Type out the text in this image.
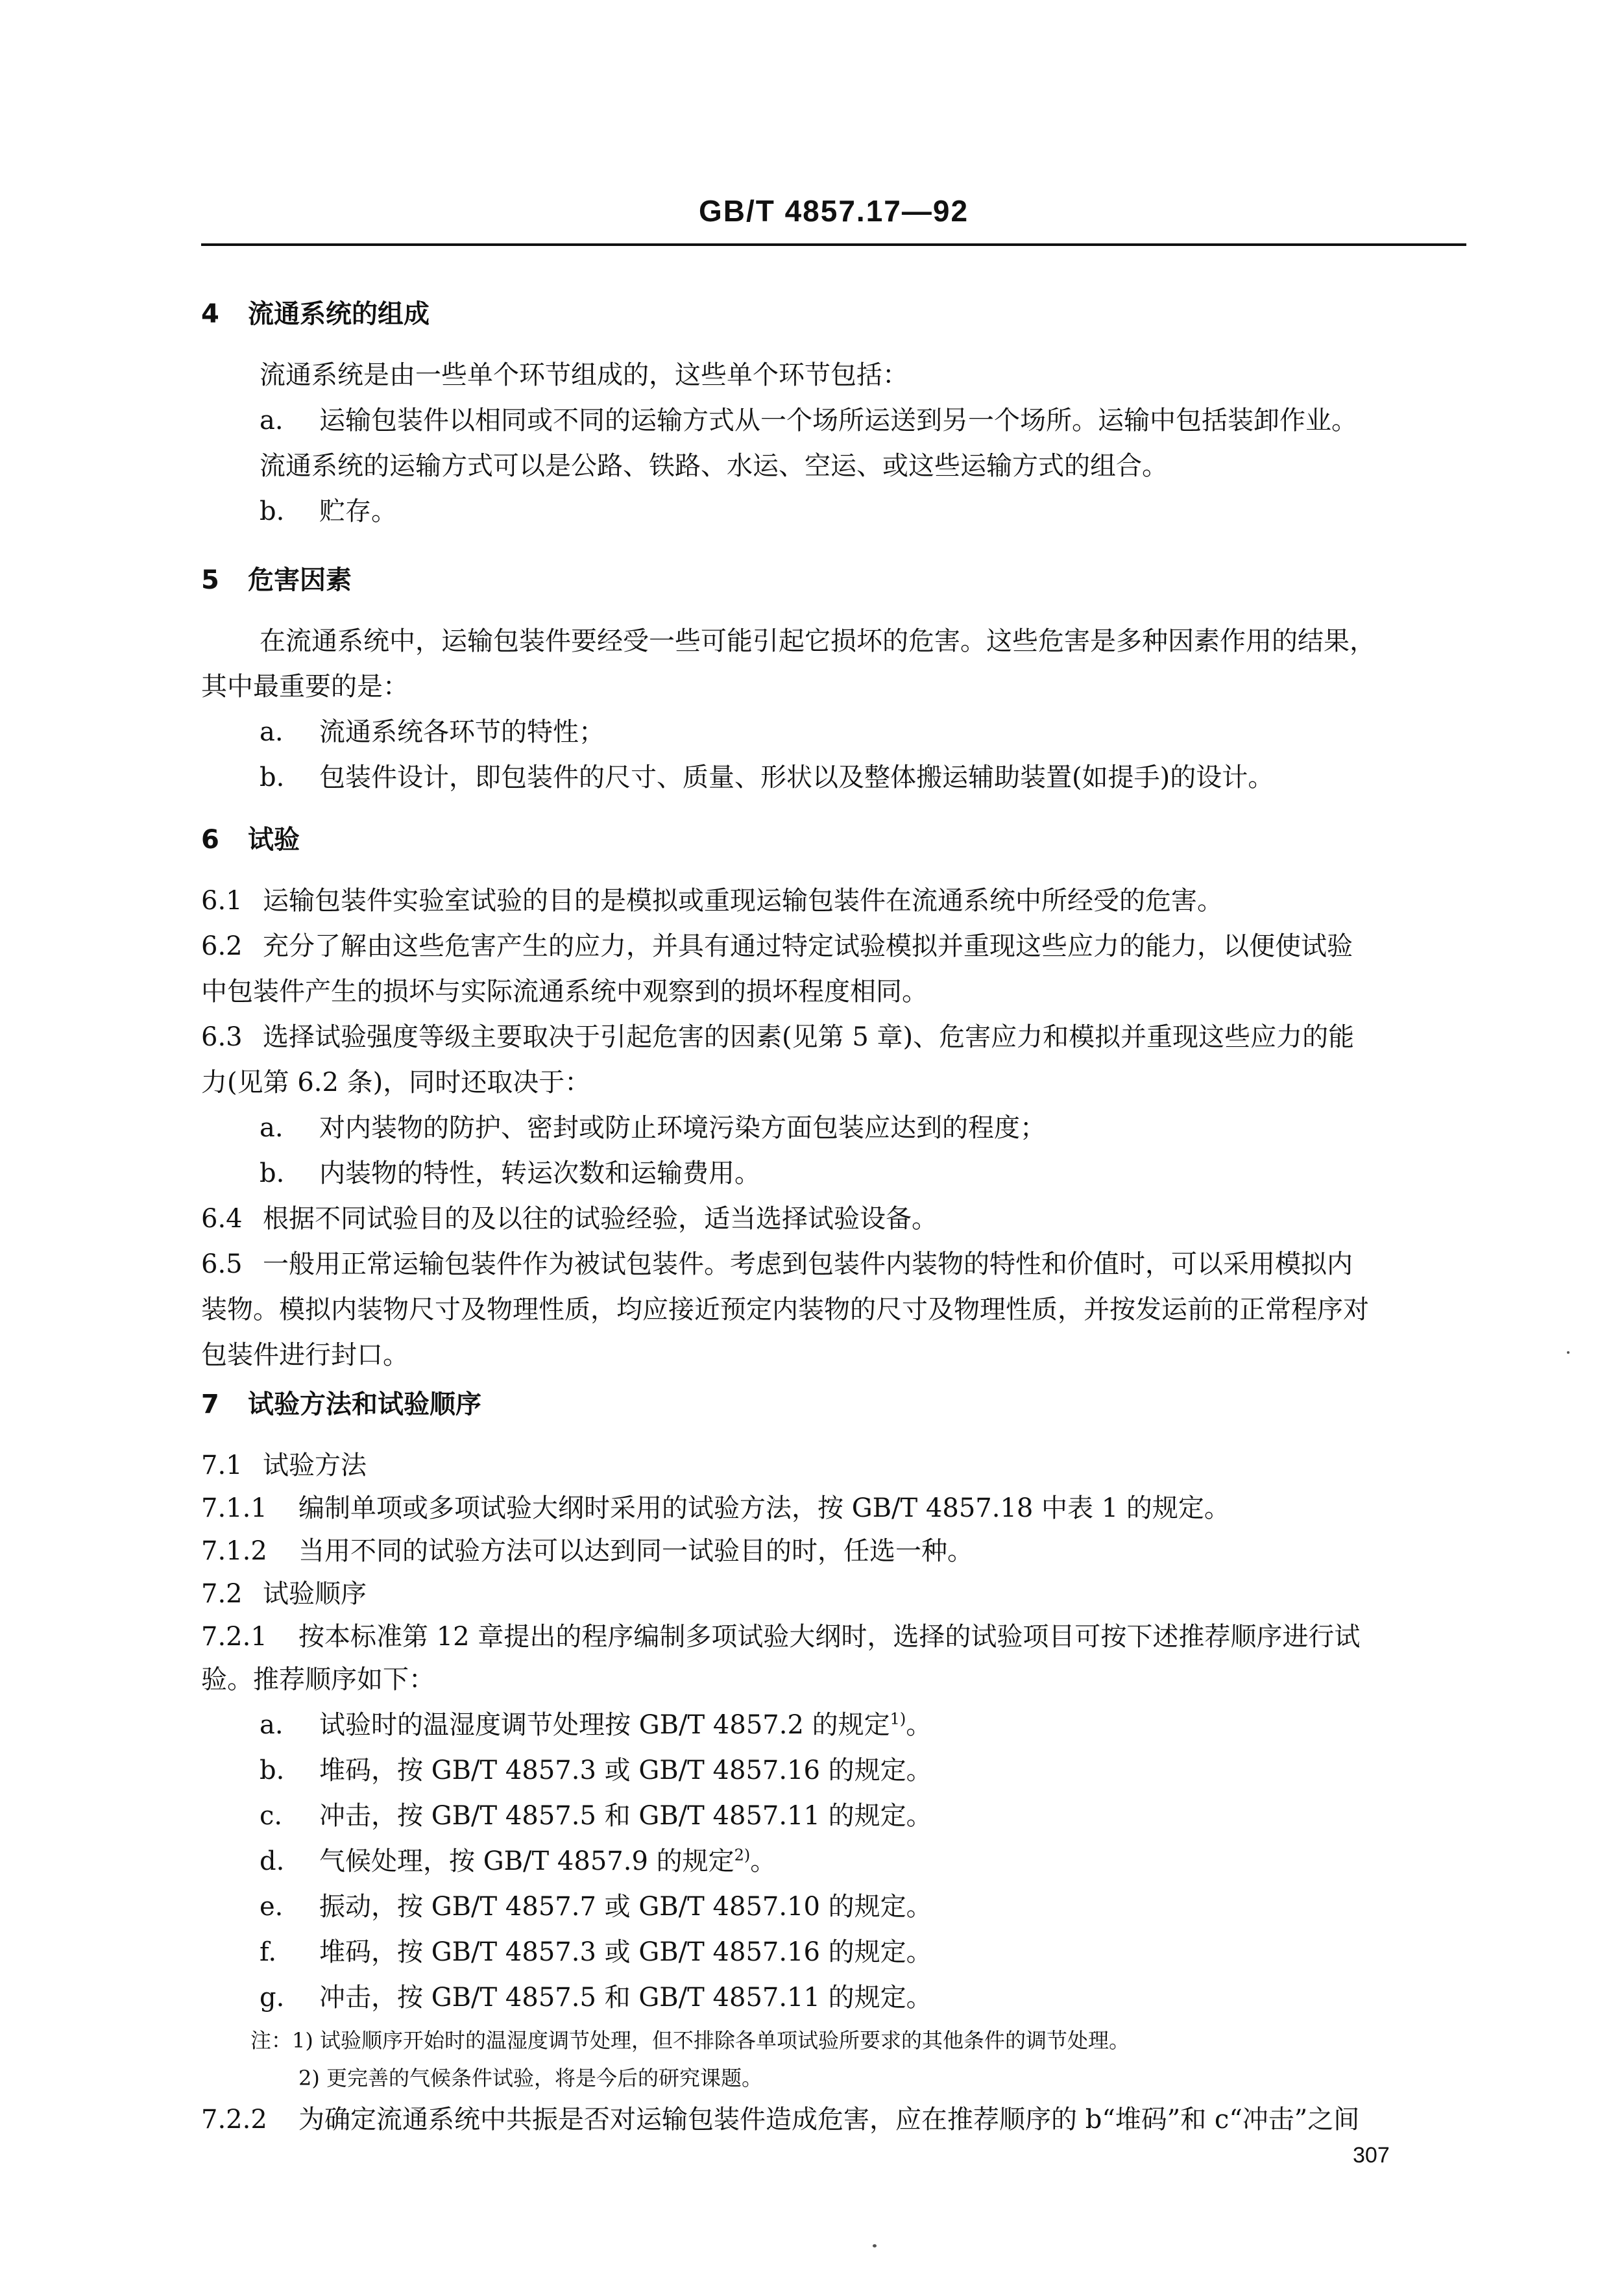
GB/T 4857.17—92
4 流通系统的组成
流通系统是由一些单个环节组成的，这些单个环节包括：
a. 运输包装件以相同或不同的运输方式从一个场所运送到另一个场所。运输中包括装卸作业。
流通系统的运输方式可以是公路、铁路、水运、空运、或这些运输方式的组合。
b. 贮存。
5 危害因素
在流通系统中，运输包装件要经受一些可能引起它损坏的危害。这些危害是多种因素作用的结果，
其中最重要的是：
a. 流通系统各环节的特性；
b. 包装件设计，即包装件的尺寸、质量、形状以及整体搬运辅助装置(如提手)的设计。
6 试验
6.1 运输包装件实验室试验的目的是模拟或重现运输包装件在流通系统中所经受的危害。
6.2 充分了解由这些危害产生的应力，并具有通过特定试验模拟并重现这些应力的能力，以便使试验
中包装件产生的损坏与实际流通系统中观察到的损坏程度相同。
6.3 选择试验强度等级主要取决于引起危害的因素(见第 5 章)、危害应力和模拟并重现这些应力的能
力(见第 6.2 条)，同时还取决于：
a. 对内装物的防护、密封或防止环境污染方面包装应达到的程度；
b. 内装物的特性，转运次数和运输费用。
6.4 根据不同试验目的及以往的试验经验，适当选择试验设备。
6.5 一般用正常运输包装件作为被试包装件。考虑到包装件内装物的特性和价值时，可以采用模拟内
装物。模拟内装物尺寸及物理性质，均应接近预定内装物的尺寸及物理性质，并按发运前的正常程序对
包装件进行封口。
7 试验方法和试验顺序
7.1 试验方法
7.1.1 编制单项或多项试验大纲时采用的试验方法，按 GB/T 4857.18 中表 1 的规定。
7.1.2 当用不同的试验方法可以达到同一试验目的时，任选一种。
7.2 试验顺序
7.2.1 按本标准第 12 章提出的程序编制多项试验大纲时，选择的试验项目可按下述推荐顺序进行试
验。推荐顺序如下：
a. 试验时的温湿度调节处理按 GB/T 4857.2 的规定$^{1)}$。
b. 堆码，按 GB/T 4857.3 或 GB/T 4857.16 的规定。
c. 冲击，按 GB/T 4857.5 和 GB/T 4857.11 的规定。
d. 气候处理，按 GB/T 4857.9 的规定$^{2)}$。
e. 振动，按 GB/T 4857.7 或 GB/T 4857.10 的规定。
f. 堆码，按 GB/T 4857.3 或 GB/T 4857.16 的规定。
g. 冲击，按 GB/T 4857.5 和 GB/T 4857.11 的规定。
注：1) 试验顺序开始时的温湿度调节处理，但不排除各单项试验所要求的其他条件的调节处理。
2) 更完善的气候条件试验，将是今后的研究课题。
7.2.2 为确定流通系统中共振是否对运输包装件造成危害，应在推荐顺序的 b“堆码”和 c“冲击”之间
307
